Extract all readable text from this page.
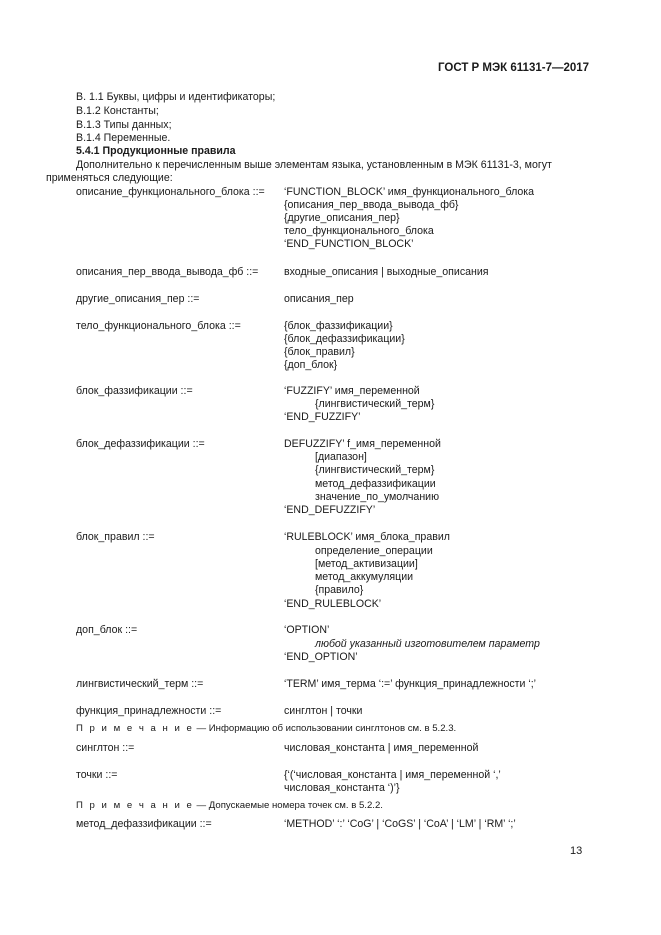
ГОСТ Р МЭК 61131-7—2017
B. 1.1 Буквы, цифры и идентификаторы;
B.1.2 Константы;
B.1.3 Типы данных;
B.1.4 Переменные.
5.4.1 Продукционные правила
Дополнительно к перечисленным выше элементам языка, установленным в МЭК 61131-3, могут
применяться следующие:
описание_функционального_блока ::= ‘FUNCTION_BLOCK’ имя_функционального_блока
{описания_пер_ввода_вывода_фб}
{другие_описания_пер}
тело_функционального_блока
‘END_FUNCTION_BLOCK’
описания_пер_ввода_вывода_фб ::= входные_описания | выходные_описания
другие_описания_пер ::=	описания_пер
тело_функционального_блока ::=	{блок_фаззификации}
{блок_дефаззификации}
{блок_правил}
{доп_блок}
блок_фаззификации ::=	‘FUZZIFY’ имя_переменной
{лингвистический_терм}
‘END_FUZZIFY’
блок_дефаззификации ::=	DEFUZZIFY’ f_имя_переменной
[диапазон]
{лингвистический_терм}
метод_дефаззификации
значение_по_умолчанию
‘END_DEFUZZIFY’
блок_правил ::=	‘RULEBLOCK’ имя_блока_правил
определение_операции
[метод_активизации]
метод_аккумуляции
{правило}
‘END_RULEBLOCK’
доп_блок ::=	‘OPTION’
любой указанный изготовителем параметр
‘END_OPTION’
лингвистический_терм ::=	‘TERM’ имя_терма ‘:=’ функция_принадлежности ‘;’
функция_принадлежности ::=	синглтон | точки
П р и м е ч а н и е — Информацию об использовании синглтонов см. в 5.2.3.
синглтон ::=	числовая_константа | имя_переменной
точки ::=	{‘(‘числовая_константа | имя_переменной ‘,’
числовая_константа ‘)’}
П р и м е ч а н и е — Допускаемые номера точек см. в 5.2.2.
метод_дефаззификации ::=	‘METHOD’ ‘:’ ‘CoG’ | ‘CoGS’ | ‘CoA’ | ‘LM’ | ‘RM’ ‘;’
13
